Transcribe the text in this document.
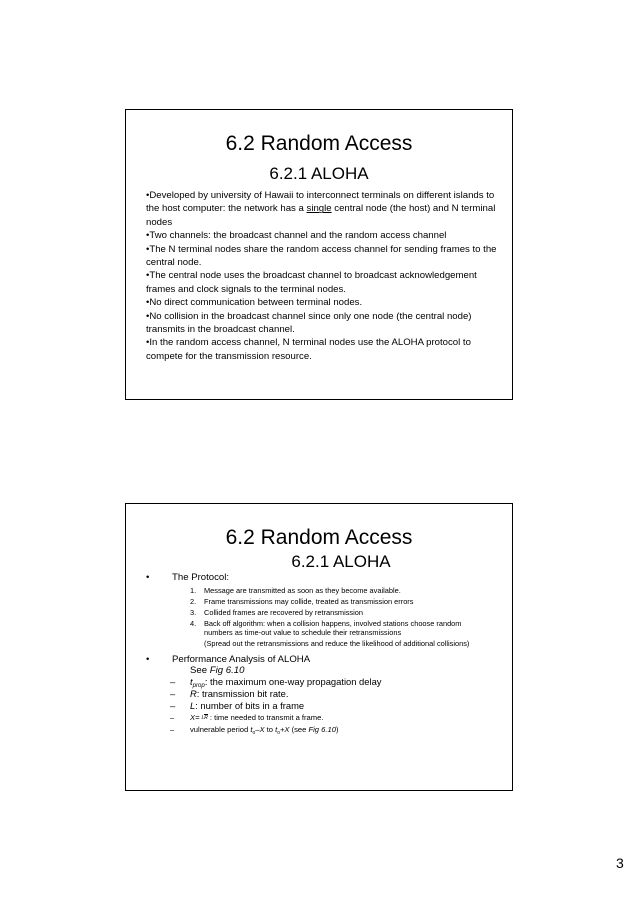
6.2 Random Access
6.2.1 ALOHA

•Developed by university of Hawaii to interconnect terminals on different islands to the host computer: the network has a single central node (the host) and N terminal nodes

•Two channels: the broadcast channel and the random access channel

•The N terminal nodes share the random access channel for sending frames to the central node.

•The central node uses the broadcast channel to broadcast acknowledgement frames and clock signals to the terminal nodes.

•No direct communication between terminal nodes.

•No collision in the broadcast channel since only one node (the central node) transmits in the broadcast channel.

•In the random access channel, N terminal nodes use the ALOHA protocol to compete for the transmission resource.

6.2 Random Access
6.2.1 ALOHA
• The Protocol:
1. Message are transmitted as soon as they become available.
2. Frame transmissions may collide, treated as transmission errors
3. Collided frames are recovered by retransmission
4. Back off algorithm: when a collision happens, involved stations choose random numbers as time-out value to schedule their retransmissions
(Spread out the retransmissions and reduce the likelihood of additional collisions)
• Performance Analysis of ALOHA
See Fig 6.10
– $t_{prop}$: the maximum one-way propagation delay
– R: transmission bit rate.
– L: number of bits in a frame
– X= LR : time needed to transmit a frame.
– vulnerable period $t_0-X$ to $t_0+X$ (see Fig 6.10)
3
